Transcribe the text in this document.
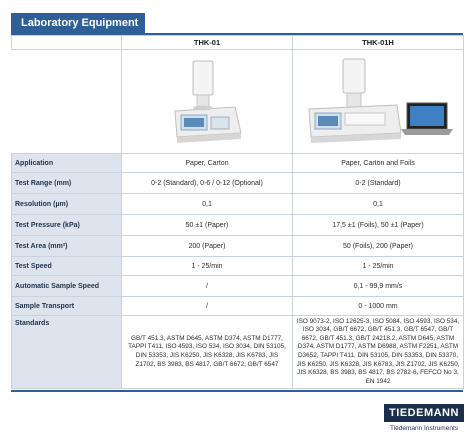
Laboratory Equipment
	THK-01	THK-01H

Application	Paper, Carton	Paper, Carton and Foils
Test Range (mm)	0-2 (Standard), 0-6 / 0-12 (Optional)	0-2 (Standard)
Resolution (µm)	0,1	0,1
Test Pressure (kPa)	50 ±1 (Paper)	17,5 ±1 (Foils), 50 ±1 (Paper)
Test Area (mm²)	200 (Paper)	50 (Foils), 200 (Paper)
Test Speed	1 - 25/min	1 - 25/min
Automatic Sample Speed	/	0,1 - 99,9 mm/s
Sample Transport	/	0 - 1000 mm
Standards	GB/T 451.3, ASTM D645, ASTM D374, ASTM D1777, TAPPI T411, ISO 4593, ISO 534, ISO 3034, DIN 53105, DIN 53353, JIS K6250, JIS K6328, JIS K6783, JIS Z1702, BS 3983, BS 4817, GB/T 6672, GB/T 6547	ISO 9073-2, ISO 12625-3, ISO 5084, ISO 4593, ISO 534, ISO 3034, GB/T 6672, GB/T 451.3, GB/T 6547, GB/T 6672, GB/T 451.3, GB/T 24218.2, ASTM D645, ASTM D374, ASTM D1777, ASTM D6988, ASTM F2251, ASTM D3652, TAPPI T411, DIN 53105, DIN 53353, DIN 53370, JIS K6250, JIS K6328, JIS K6783, JIS Z1702, JIS K6250, JIS K6328, BS 3983, BS 4817, BS 2782-6, FEFCO No 3, EN 1942
TIEDEMANN
Tiedemann Instruments
